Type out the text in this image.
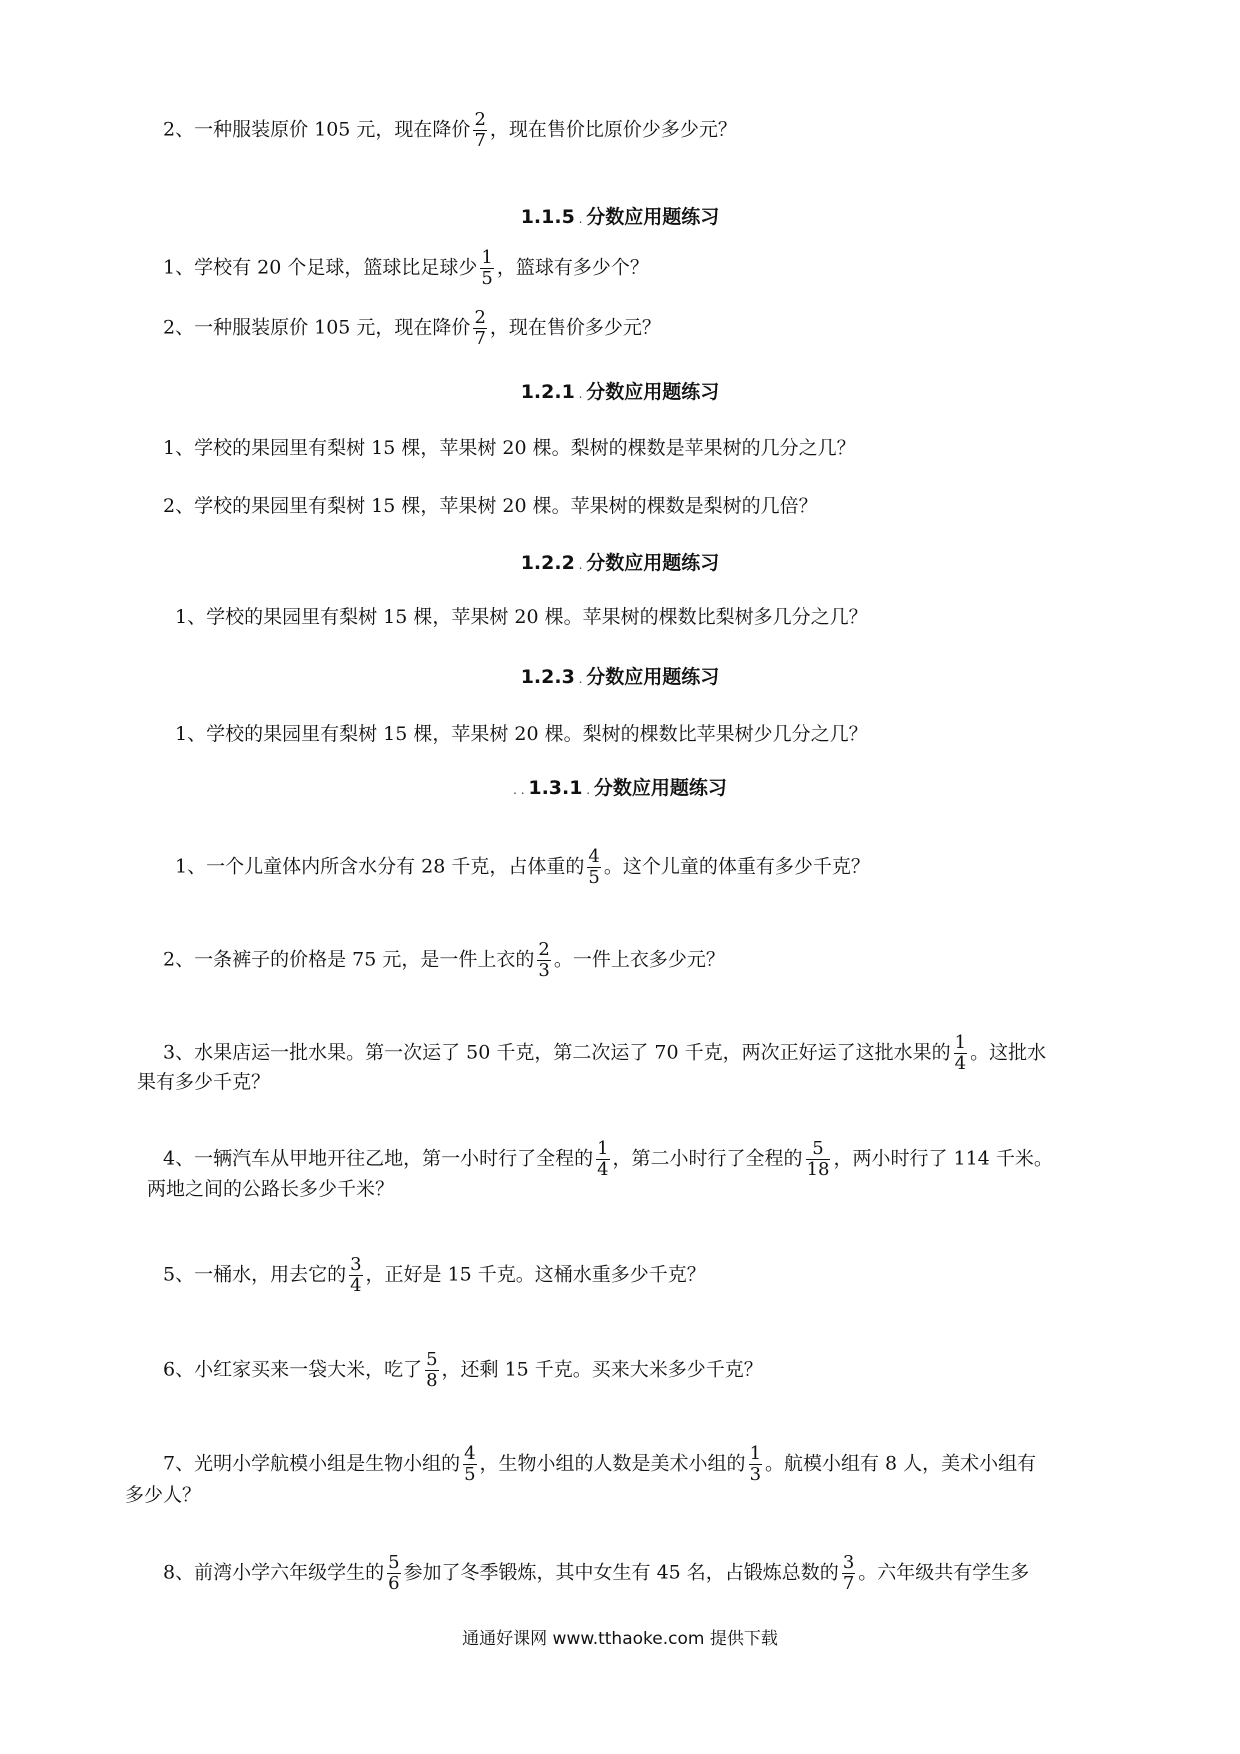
2、一种服装原价 105 元，现在降价 $\frac{2}{7}$ ，现在售价比原价少多少元？
1.1.5 . 分数应用题练习
1、学校有 20 个足球，篮球比足球少 $\frac{1}{5}$ ，篮球有多少个？
2、一种服装原价 105 元，现在降价 $\frac{2}{7}$ ，现在售价多少元？
1.2.1 . 分数应用题练习
1、学校的果园里有梨树 15 棵，苹果树 20 棵。梨树的棵数是苹果树的几分之几？
2、学校的果园里有梨树 15 棵，苹果树 20 棵。苹果树的棵数是梨树的几倍？
1.2.2 . 分数应用题练习
1、学校的果园里有梨树 15 棵，苹果树 20 棵。苹果树的棵数比梨树多几分之几？
1.2.3 . 分数应用题练习
1、学校的果园里有梨树 15 棵，苹果树 20 棵。梨树的棵数比苹果树少几分之几？
. . 1.3.1 . 分数应用题练习
1、一个儿童体内所含水分有 28 千克，占体重的 $\frac{4}{5}$ 。这个儿童的体重有多少千克？
2、一条裤子的价格是 75 元，是一件上衣的 $\frac{2}{3}$ 。一件上衣多少元？
3、水果店运一批水果。第一次运了 50 千克，第二次运了 70 千克，两次正好运了这批水果的 $\frac{1}{4}$ 。这批水
果有多少千克？
4、一辆汽车从甲地开往乙地，第一小时行了全程的 $\frac{1}{4}$ ，第二小时行了全程的 $\frac{5}{18}$ ，两小时行了 114 千米。
两地之间的公路长多少千米？
5、一桶水，用去它的 $\frac{3}{4}$ ，正好是 15 千克。这桶水重多少千克？
6、小红家买来一袋大米，吃了 $\frac{5}{8}$ ，还剩 15 千克。买来大米多少千克？
7、光明小学航模小组是生物小组的 $\frac{4}{5}$ ，生物小组的人数是美术小组的 $\frac{1}{3}$ 。航模小组有 8 人，美术小组有
多少人？
8、前湾小学六年级学生的 $\frac{5}{6}$ 参加了冬季锻炼，其中女生有 45 名，占锻炼总数的 $\frac{3}{7}$ 。六年级共有学生多
通通好课网 www.tthaoke.com 提供下载
